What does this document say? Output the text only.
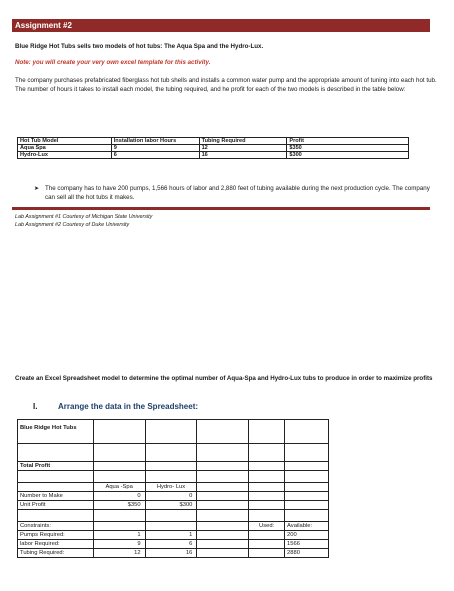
Assignment #2
Blue Ridge Hot Tubs sells two models of hot tubs: The Aqua Spa and the Hydro-Lux.
Note: you will create your very own excel template for this activity.
The company purchases prefabricated fiberglass hot tub shells and installs a common water pump and the appropriate amount of tuning into each hot tub. The number of hours it takes to install each model, the tubing required, and he profit for each of the two models is described in the table below:
Hot Tub Model	Installation labor Hours	Tubing Required	Profit
Aqua Spa	9	12	$350
Hydro-Lux	6	16	$300
➤ The company has to have 200 pumps, 1,566 hours of labor and 2,880 feet of tubing available during the next production cycle. The company can sell all the hot tubs it makes.
Lab Assignment #1 Courtesy of Michigan State University
Lab Assignment #2 Courtesy of Duke University
Create an Excel Spreadsheet model to determine the optimal number of Aqua-Spa and Hydro-Lux tubs to produce in order to maximize profits
I.	Arrange the data in the Spreadsheet:
Blue Ridge Hot Tubs					

Total Profit					

	Aqua -Spa	Hydro- Lux			
Number to Make	0	0			
Unit Profit	$350	$300			

Constraints:				Used:	Available:
Pumps Required:	1	1			200
labor Required:	9	6			1566
Tubing Required:	12	16			2880
